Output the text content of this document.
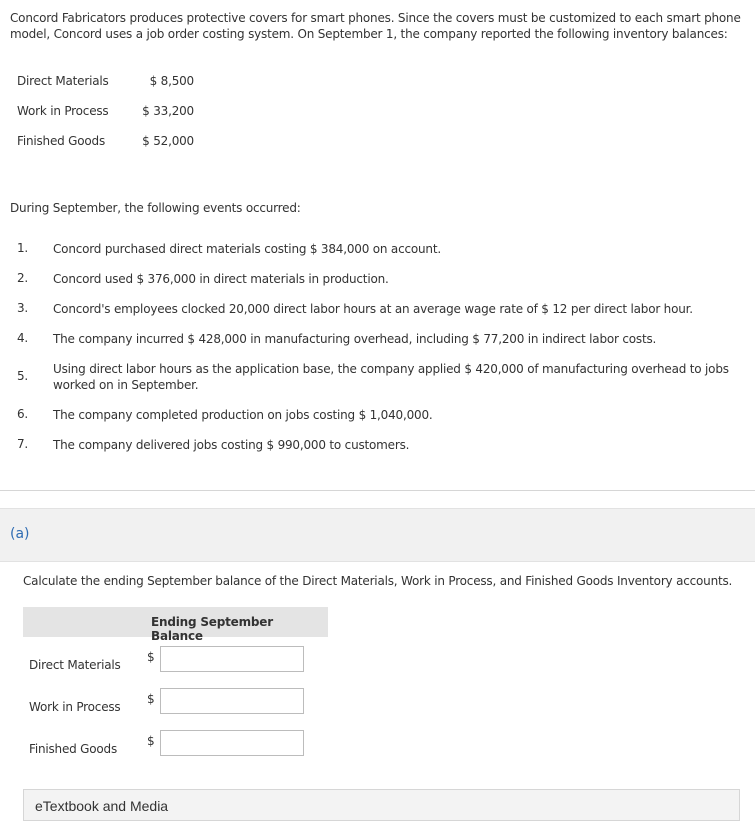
Concord Fabricators produces protective covers for smart phones. Since the covers must be customized to each smart phone model, Concord uses a job order costing system. On September 1, the company reported the following inventory balances:
Direct Materials	$ 8,500
Work in Process	$ 33,200
Finished Goods	$ 52,000
During September, the following events occurred:
1.	Concord purchased direct materials costing $ 384,000 on account.
2.	Concord used $ 376,000 in direct materials in production.
3.	Concord's employees clocked 20,000 direct labor hours at an average wage rate of $ 12 per direct labor hour.
4.	The company incurred $ 428,000 in manufacturing overhead, including $ 77,200 in indirect labor costs.
5.	Using direct labor hours as the application base, the company applied $ 420,000 of manufacturing overhead to jobs worked on in September.
6.	The company completed production on jobs costing $ 1,040,000.
7.	The company delivered jobs costing $ 990,000 to customers.
(a)
Calculate the ending September balance of the Direct Materials, Work in Process, and Finished Goods Inventory accounts.
Ending September Balance
Direct Materials
$
Work in Process
$
Finished Goods
$
eTextbook and Media
